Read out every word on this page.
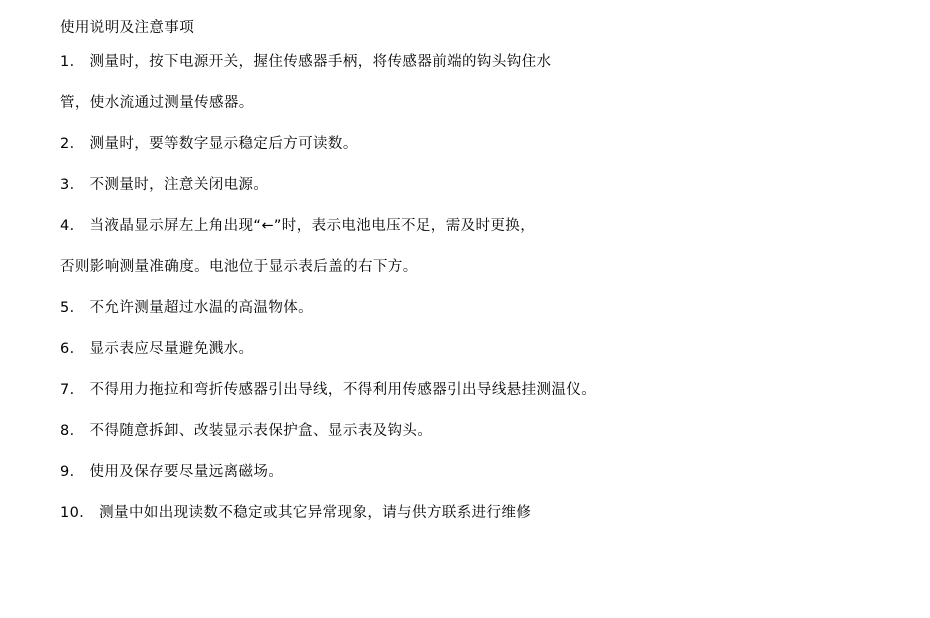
使用说明及注意事项
1． 测量时，按下电源开关，握住传感器手柄，将传感器前端的钩头钩住水
管，使水流通过测量传感器。
2． 测量时，要等数字显示稳定后方可读数。
3． 不测量时，注意关闭电源。
4． 当液晶显示屏左上角出现“←”时，表示电池电压不足，需及时更换，
否则影响测量准确度。电池位于显示表后盖的右下方。
5． 不允许测量超过水温的高温物体。
6． 显示表应尽量避免溅水。
7． 不得用力拖拉和弯折传感器引出导线，不得利用传感器引出导线悬挂测温仪。
8． 不得随意拆卸、改装显示表保护盒、显示表及钩头。
9． 使用及保存要尽量远离磁场。
10． 测量中如出现读数不稳定或其它异常现象，请与供方联系进行维修
